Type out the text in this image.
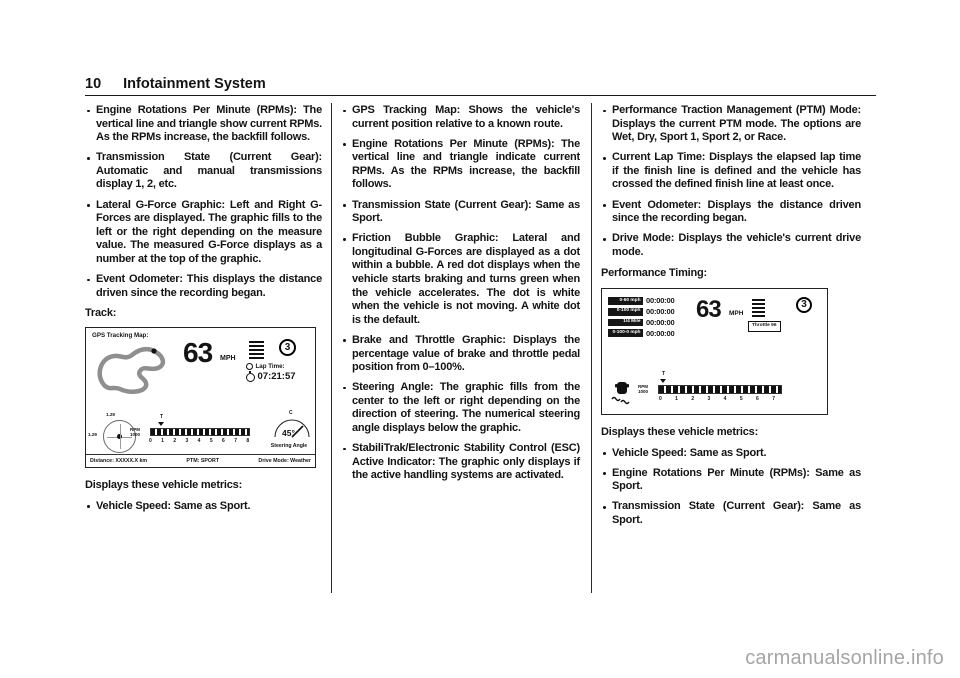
10 Infotainment System
Engine Rotations Per Minute (RPMs): The vertical line and triangle show current RPMs. As the RPMs increase, the backfill follows.
Transmission State (Current Gear): Automatic and manual transmissions display 1, 2, etc.
Lateral G-Force Graphic: Left and Right G-Forces are displayed. The graphic fills to the left or the right depending on the measure value. The measured G-Force displays as a number at the top of the graphic.
Event Odometer: This displays the distance driven since the recording began.
Track:
GPS Tracking Map:
63 MPH
3
Lap Time:
07:21:57
1.29
1.29
T
RPM
1000
0 1 2 3 4 5 6 7 8
C
45°
Steering Angle
Distance: XXXXX.X km	PTM: SPORT	Drive Mode: Weather
Displays these vehicle metrics:
Vehicle Speed: Same as Sport.
GPS Tracking Map: Shows the vehicle's current position relative to a known route.
Engine Rotations Per Minute (RPMs): The vertical line and triangle indicate current RPMs. As the RPMs increase, the backfill follows.
Transmission State (Current Gear): Same as Sport.
Friction Bubble Graphic: Lateral and longitudinal G-Forces are displayed as a dot within a bubble. A red dot displays when the vehicle starts braking and turns green when the vehicle accelerates. The dot is white when the vehicle is not moving. A white dot is the default.
Brake and Throttle Graphic: Displays the percentage value of brake and throttle pedal position from 0–100%.
Steering Angle: The graphic fills from the center to the left or right depending on the direction of steering. The numerical steering angle displays below the graphic.
StabiliTrak/Electronic Stability Control (ESC) Active Indicator: The graphic only displays if the active handling systems are activated.
Performance Traction Management (PTM) Mode: Displays the current PTM mode. The options are Wet, Dry, Sport 1, Sport 2, or Race.
Current Lap Time: Displays the elapsed lap time if the finish line is defined and the vehicle has crossed the defined finish line at least once.
Event Odometer: Displays the distance driven since the recording began.
Drive Mode: Displays the vehicle's current drive mode.
Performance Timing:
0-60 mph 00:00:00
0-100 mph 00:00:00
1/4 Mile 00:00:00
0-100-0 mph 00:00:00
63 MPH
3
Throttle 96
RPM
1000
T
0 1 2 3 4 5 6 7
Displays these vehicle metrics:
Vehicle Speed: Same as Sport.
Engine Rotations Per Minute (RPMs): Same as Sport.
Transmission State (Current Gear): Same as Sport.
carmanualsonline.info
